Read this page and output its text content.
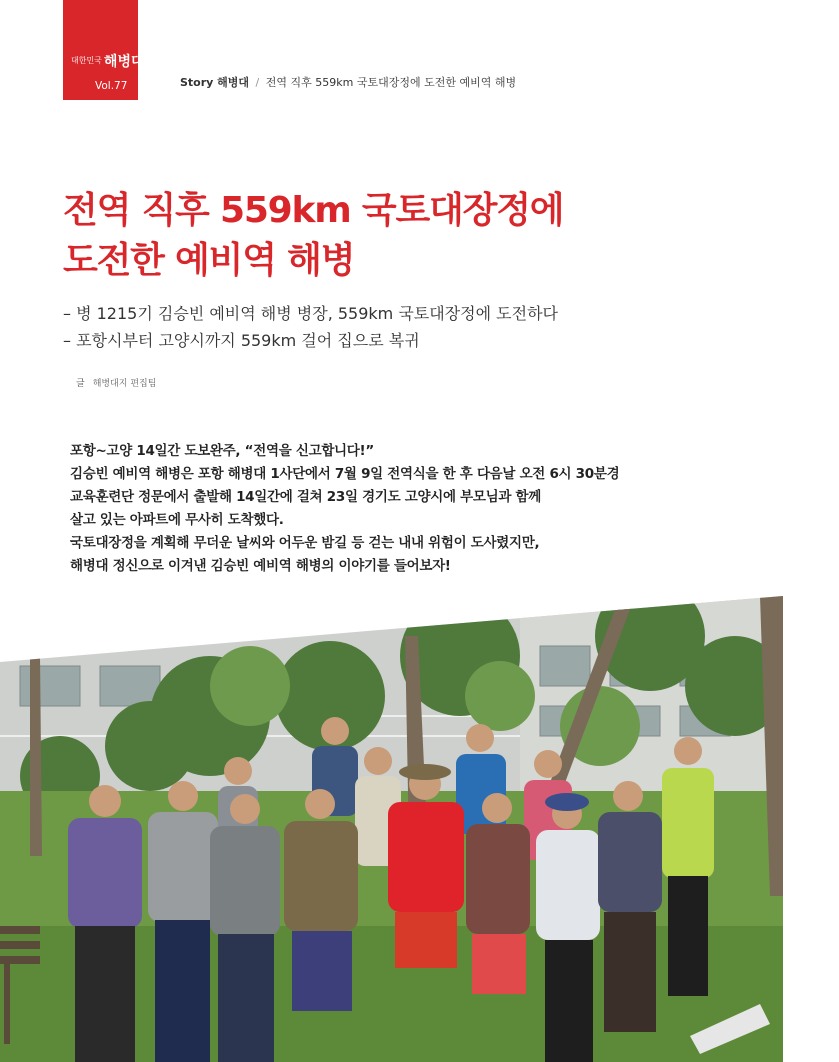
대한민국 해병대
Vol.77	Story 해병대 / 전역 직후 559km 국토대장정에 도전한 예비역 해병
전역 직후 559km 국토대장정에
도전한 예비역 해병
– 병 1215기 김승빈 예비역 해병 병장, 559km 국토대장정에 도전하다
– 포항시부터 고양시까지 559km 걸어 집으로 복귀
글 해병대지 편집팀
포항~고양 14일간 도보완주, “전역을 신고합니다!”
김승빈 예비역 해병은 포항 해병대 1사단에서 7월 9일 전역식을 한 후 다음날 오전 6시 30분경
교육훈련단 정문에서 출발해 14일간에 걸쳐 23일 경기도 고양시에 부모님과 함께
살고 있는 아파트에 무사히 도착했다.
국토대장정을 계획해 무더운 날씨와 어두운 밤길 등 걷는 내내 위험이 도사렸지만,
해병대 정신으로 이겨낸 김승빈 예비역 해병의 이야기를 들어보자!
